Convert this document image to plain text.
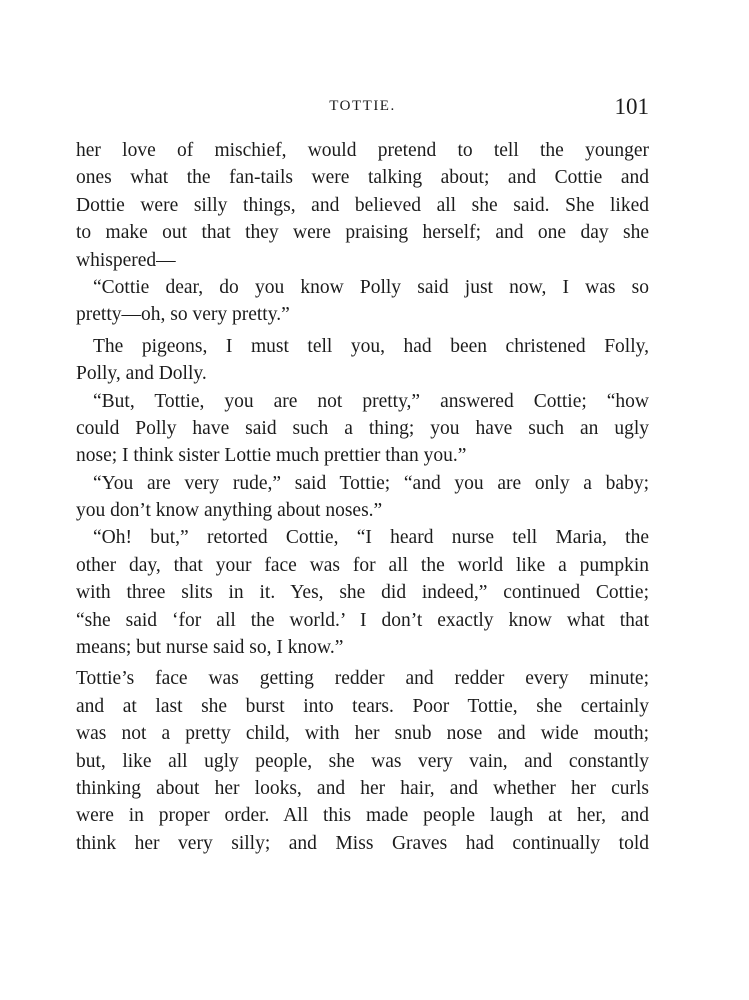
TOTTIE.	101
her love of mischief, would pretend to tell the younger
ones what the fan-tails were talking about; and Cottie and
Dottie were silly things, and believed all she said. She liked
to make out that they were praising herself; and one day she
whispered—
“Cottie dear, do you know Polly said just now, I was so
pretty—oh, so very pretty.”
The pigeons, I must tell you, had been christened Folly,
Polly, and Dolly.
“But, Tottie, you are not pretty,” answered Cottie; “how
could Polly have said such a thing; you have such an ugly
nose; I think sister Lottie much prettier than you.”
“You are very rude,” said Tottie; “and you are only a baby;
you don’t know anything about noses.”
“Oh! but,” retorted Cottie, “I heard nurse tell Maria, the
other day, that your face was for all the world like a pumpkin
with three slits in it. Yes, she did indeed,” continued Cottie;
“she said ‘for all the world.’ I don’t exactly know what that
means; but nurse said so, I know.”
Tottie’s face was getting redder and redder every minute;
and at last she burst into tears. Poor Tottie, she certainly
was not a pretty child, with her snub nose and wide mouth;
but, like all ugly people, she was very vain, and constantly
thinking about her looks, and her hair, and whether her curls
were in proper order. All this made people laugh at her, and
think her very silly; and Miss Graves had continually told
